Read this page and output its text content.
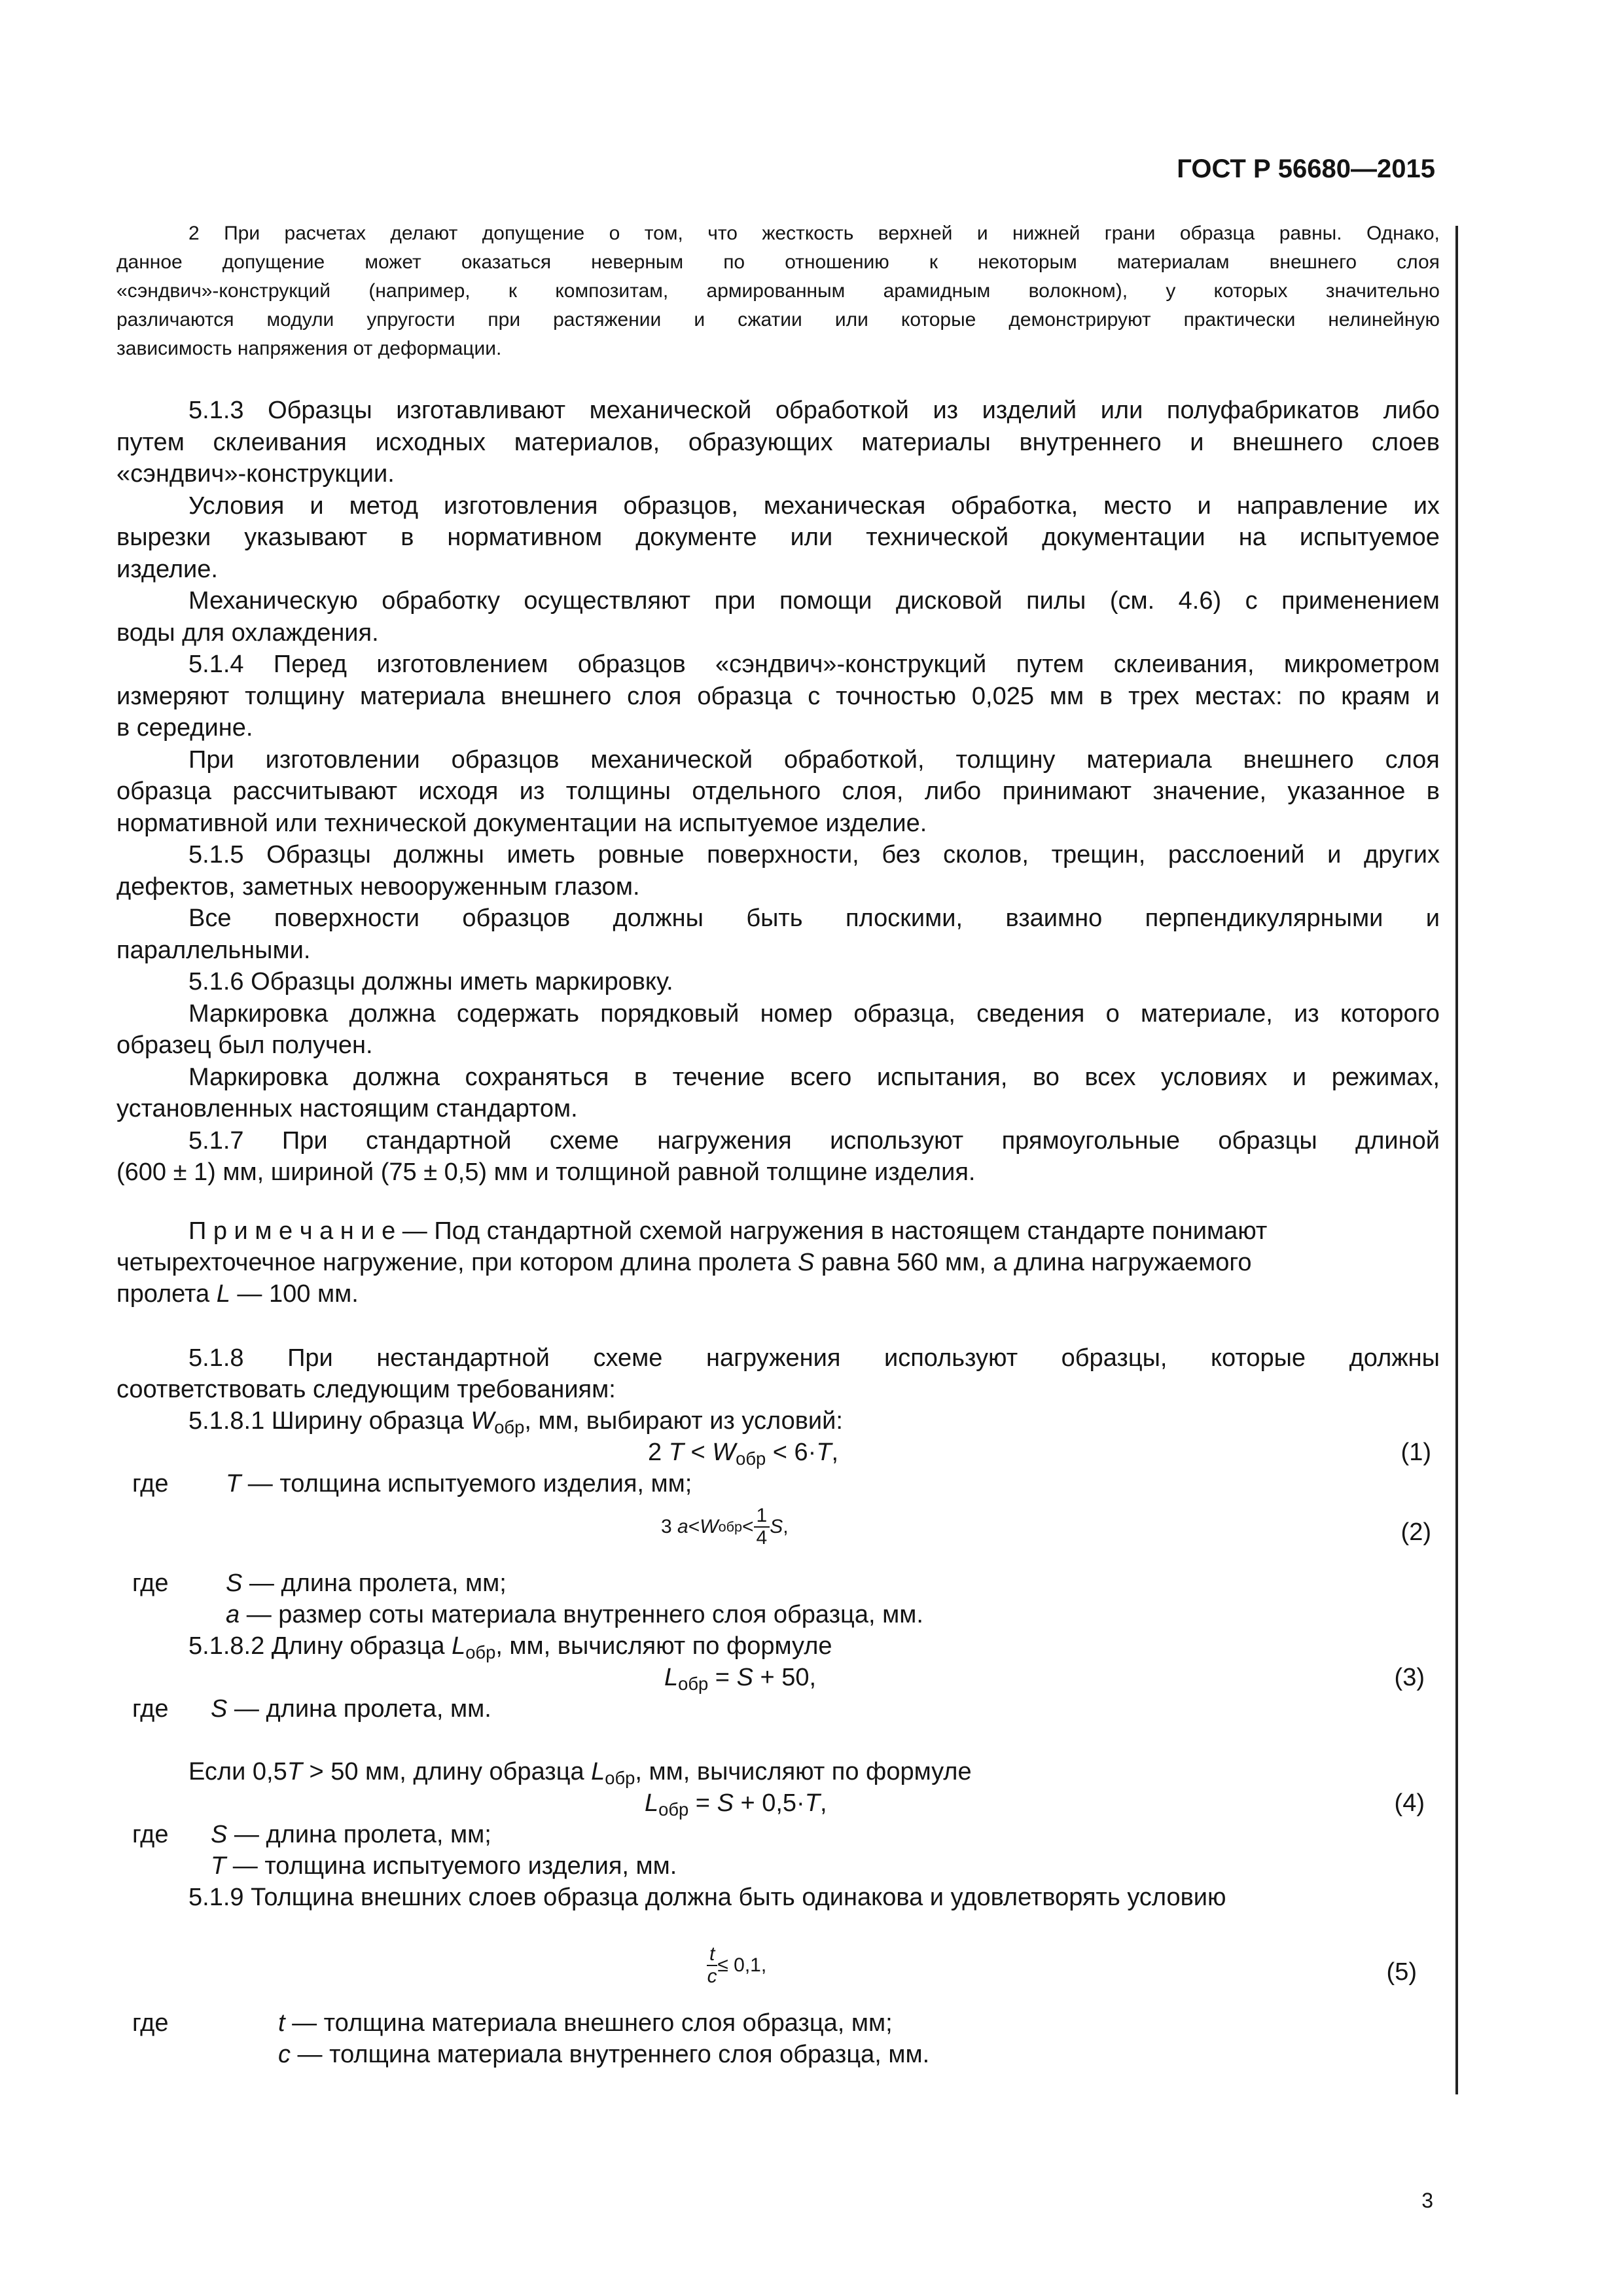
ГОСТ Р 56680—2015
2 При расчетах делают допущение о том, что жесткость верхней и нижней грани образца равны. Однако,
данное допущение может оказаться неверным по отношению к некоторым материалам внешнего слоя
«сэндвич»-конструкций (например, к композитам, армированным арамидным волокном), у которых значительно
различаются модули упругости при растяжении и сжатии или которые демонстрируют практически нелинейную
зависимость напряжения от деформации.
5.1.3 Образцы изготавливают механической обработкой из изделий или полуфабрикатов либо
путем склеивания исходных материалов, образующих материалы внутреннего и внешнего слоев
«сэндвич»-конструкции.
Условия и метод изготовления образцов, механическая обработка, место и направление их
вырезки указывают в нормативном документе или технической документации на испытуемое
изделие.
Механическую обработку осуществляют при помощи дисковой пилы (см. 4.6) с применением
воды для охлаждения.
5.1.4 Перед изготовлением образцов «сэндвич»-конструкций путем склеивания, микрометром
измеряют толщину материала внешнего слоя образца с точностью 0,025 мм в трех местах: по краям и
в середине.
При изготовлении образцов механической обработкой, толщину материала внешнего слоя
образца рассчитывают исходя из толщины отдельного слоя, либо принимают значение, указанное в
нормативной или технической документации на испытуемое изделие.
5.1.5 Образцы должны иметь ровные поверхности, без сколов, трещин, расслоений и других
дефектов, заметных невооруженным глазом.
Все поверхности образцов должны быть плоскими, взаимно перпендикулярными и
параллельными.
5.1.6 Образцы должны иметь маркировку.
Маркировка должна содержать порядковый номер образца, сведения о материале, из которого
образец был получен.
Маркировка должна сохраняться в течение всего испытания, во всех условиях и режимах,
установленных настоящим стандартом.
5.1.7 При стандартной схеме нагружения используют прямоугольные образцы длиной
(600 ± 1) мм, шириной (75 ± 0,5) мм и толщиной равной толщине изделия.
П р и м е ч а н и е — Под стандартной схемой нагружения в настоящем стандарте понимают
четырехточечное нагружение, при котором длина пролета S равна 560 мм, а длина нагружаемого
пролета L — 100 мм.
5.1.8 При нестандартной схеме нагружения используют образцы, которые должны
соответствовать следующим требованиям:
5.1.8.1 Ширину образца $W_{обр}$, мм, выбирают из условий:
2 $T < W_{обр} < 6\cdot T$,	(1)
где T — толщина испытуемого изделия, мм;
3
a < W обр < $\frac{1}{4}$ S ,	(2)
где S — длина пролета, мм;
a — размер соты материала внутреннего слоя образца, мм.
5.1.8.2 Длину образца $L_{обр}$, мм, вычисляют по формуле
$L_{обр} = S + 50$,	(3)
где S — длина пролета, мм.
Если 0,5T > 50 мм, длину образца $L_{обр}$, мм, вычисляют по формуле
$L_{обр} = S + 0,5\cdot T$,	(4)
где S — длина пролета, мм;
T — толщина испытуемого изделия, мм.
5.1.9 Толщина внешних слоев образца должна быть одинакова и удовлетворять условию
$\frac{t}{c} \le 0,1$,	(5)
где	t — толщина материала внешнего слоя образца, мм;
c — толщина материала внутреннего слоя образца, мм.
3
